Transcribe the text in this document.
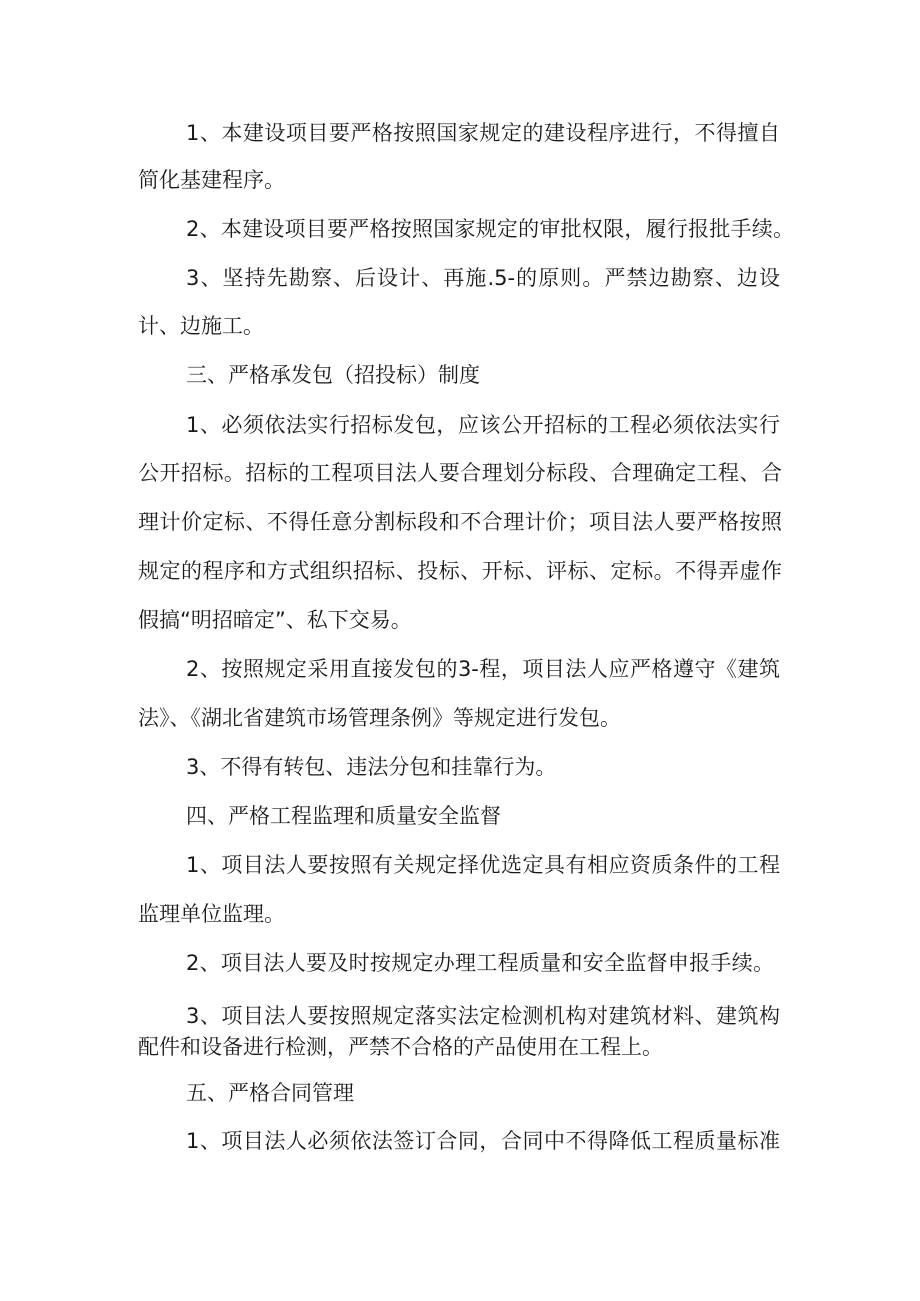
1、本建设项目要严格按照国家规定的建设程序进行，不得擅自
简化基建程序。
2、本建设项目要严格按照国家规定的审批权限，履行报批手续。
3、坚持先勘察、后设计、再施.5-的原则。严禁边勘察、边设
计、边施工。
三、严格承发包（招投标）制度
1、必须依法实行招标发包，应该公开招标的工程必须依法实行
公开招标。招标的工程项目法人要合理划分标段、合理确定工程、合
理计价定标、不得任意分割标段和不合理计价；项目法人要严格按照
规定的程序和方式组织招标、投标、开标、评标、定标。不得弄虚作
假搞“明招暗定”、私下交易。
2、按照规定采用直接发包的3-程，项目法人应严格遵守《建筑
法》、《湖北省建筑市场管理条例》等规定进行发包。
3、不得有转包、违法分包和挂靠行为。
四、严格工程监理和质量安全监督
1、项目法人要按照有关规定择优选定具有相应资质条件的工程
监理单位监理。
2、项目法人要及时按规定办理工程质量和安全监督申报手续。
3、项目法人要按照规定落实法定检测机构对建筑材料、建筑构
配件和设备进行检测，严禁不合格的产品使用在工程上。
五、严格合同管理
1、项目法人必须依法签订合同，合同中不得降低工程质量标准
